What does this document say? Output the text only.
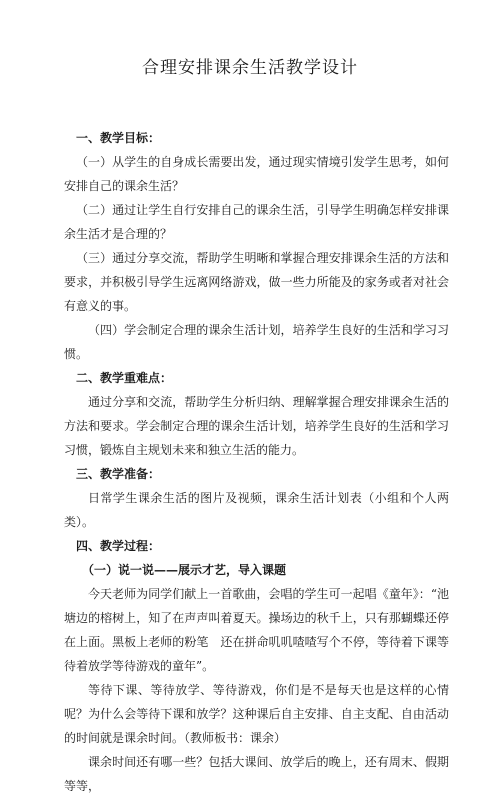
合理安排课余生活教学设计

一、教学目标：

（一）从学生的自身成长需要出发，通过现实情境引发学生思考，如何安排自己的课余生活？

（二）通过让学生自行安排自己的课余生活，引导学生明确怎样安排课余生活才是合理的？

（三）通过分享交流，帮助学生明晰和掌握合理安排课余生活的方法和要求，并积极引导学生远离网络游戏，做一些力所能及的家务或者对社会有意义的事。

（四）学会制定合理的课余生活计划，培养学生良好的生活和学习习惯。

二、教学重难点：

通过分享和交流，帮助学生分析归纳、理解掌握合理安排课余生活的方法和要求。学会制定合理的课余生活计划，培养学生良好的生活和学习习惯，锻炼自主规划未来和独立生活的能力。

三、教学准备：

日常学生课余生活的图片及视频，课余生活计划表（小组和个人两类）。

四、教学过程：

（一）说一说——展示才艺，导入课题

今天老师为同学们献上一首歌曲，会唱的学生可一起唱《童年》：“池塘边的榕树上，知了在声声叫着夏天。操场边的秋千上，只有那蝴蝶还停在上面。黑板上老师的粉笔　还在拼命叽叽喳喳写个不停，等待着下课等待着放学等待游戏的童年”。

等待下课、等待放学、等待游戏，你们是不是每天也是这样的心情呢？为什么会等待下课和放学？这种课后自主安排、自主支配、自由活动的时间就是课余时间。（教师板书：课余）

课余时间还有哪一些？包括大课间、放学后的晚上，还有周末、假期等等，
